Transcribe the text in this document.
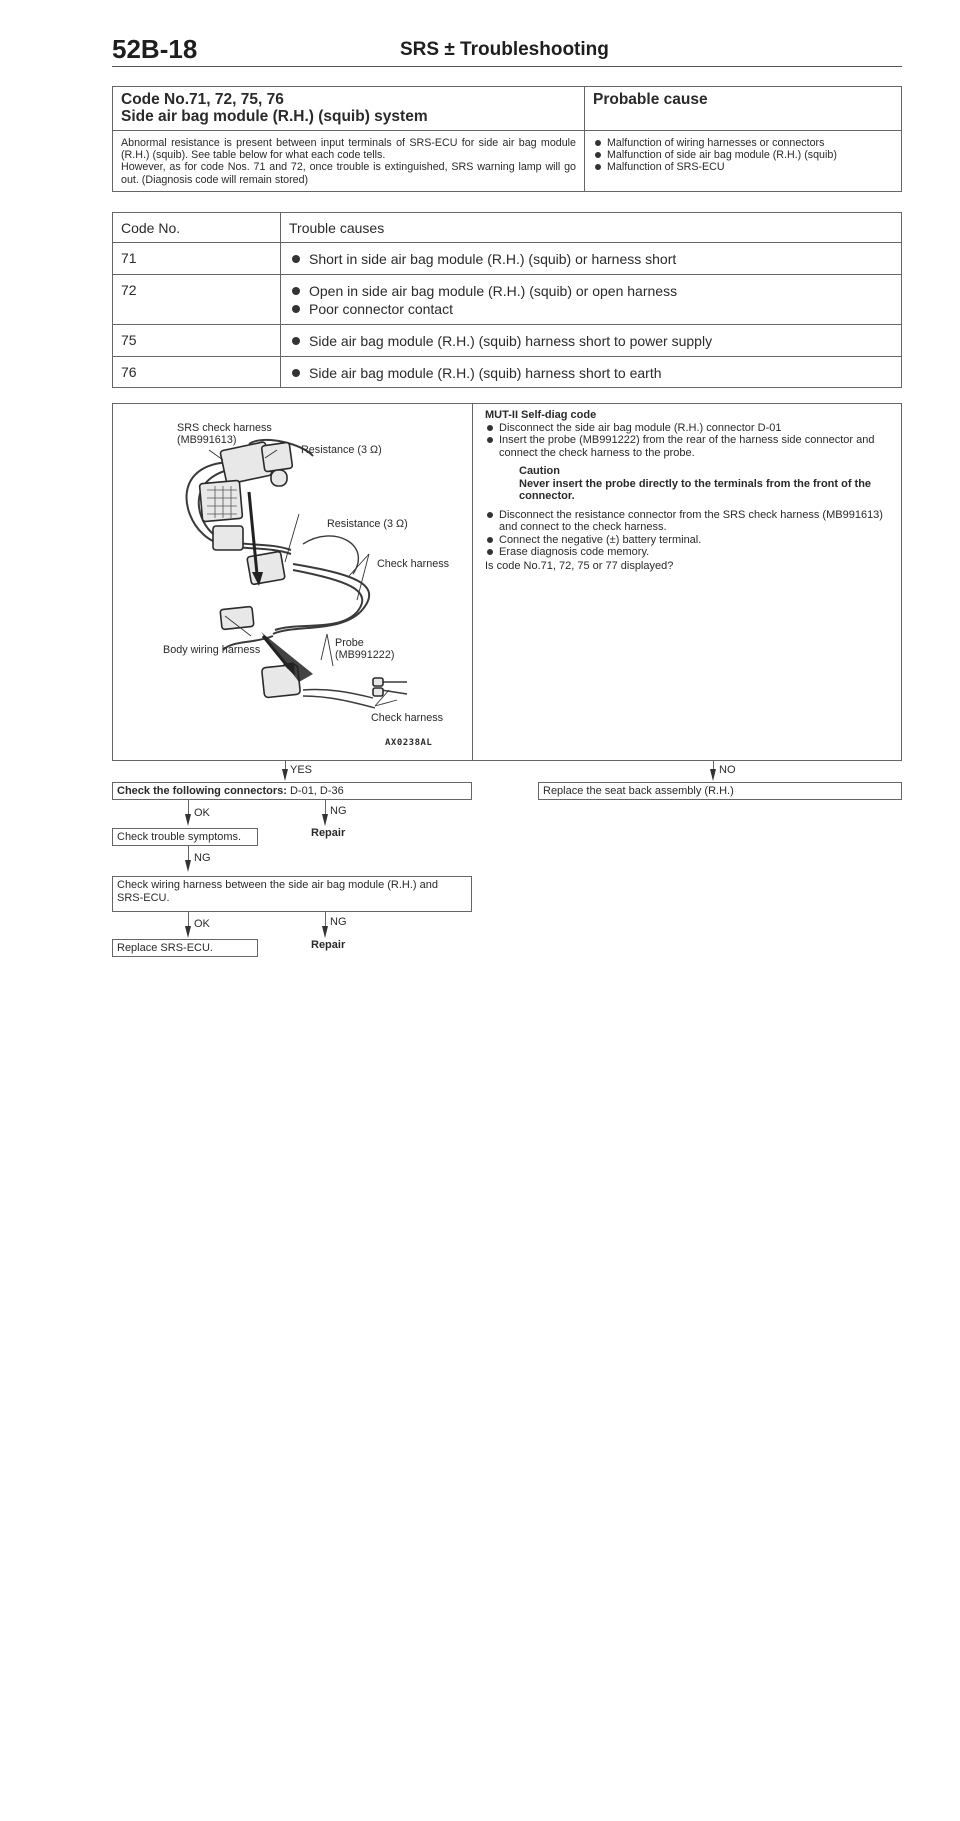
52B-18	SRS ± Troubleshooting
Code No.71, 72, 75, 76
Side air bag module (R.H.) (squib) system
Abnormal resistance is present between input terminals of SRS-ECU for side air bag module (R.H.) (squib). See table below for what each code tells.
However, as for code Nos. 71 and 72, once trouble is extinguished, SRS warning lamp will go out. (Diagnosis code will remain stored)
Probable cause
Malfunction of wiring harnesses or connectors
Malfunction of side air bag module (R.H.) (squib)
Malfunction of SRS-ECU
Code No.	Trouble causes
71	Short in side air bag module (R.H.) (squib) or harness short
72	Open in side air bag module (R.H.) (squib) or open harness
Poor connector contact
75	Side air bag module (R.H.) (squib) harness short to power supply
76	Side air bag module (R.H.) (squib) harness short to earth
SRS check harness
(MB991613)
Resistance (3 Ω)
Resistance (3 Ω)
Check harness
Body wiring harness
Probe
(MB991222)
Check harness
AX0238AL
MUT-II Self-diag code
Disconnect the side air bag module (R.H.) connector D-01
Insert the probe (MB991222) from the rear of the harness side connector and connect the check harness to the probe.
Caution
Never insert the probe directly to the terminals from the front of the connector.
Disconnect the resistance connector from the SRS check harness (MB991613) and connect to the check harness.
Connect the negative (±) battery terminal.
Erase diagnosis code memory.

Is code No.71, 72, 75 or 77 displayed?

YES	NO
Check the following connectors: D-01, D-36	Replace the seat back assembly (R.H.)
OK	NG
Repair
Check trouble symptoms.
NG
Check wiring harness between the side air bag module (R.H.) and SRS-ECU.
OK	NG
Repair
Replace SRS-ECU.
